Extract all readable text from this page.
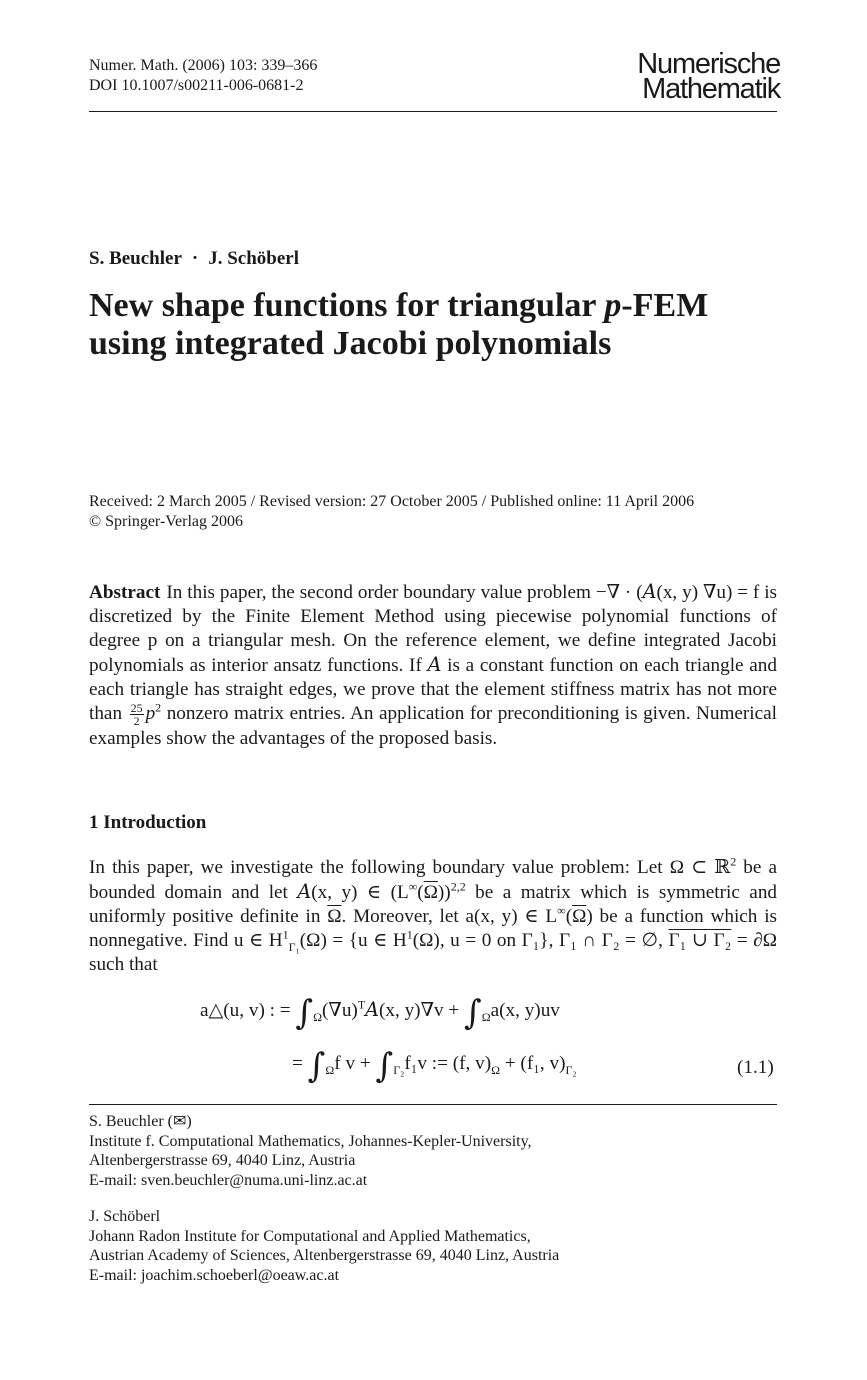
Numer. Math. (2006) 103: 339–366
DOI 10.1007/s00211-006-0681-2
Numerische
Mathematik
S. Beuchler · J. Schöberl
New shape functions for triangular p-FEM
using integrated Jacobi polynomials
Received: 2 March 2005 / Revised version: 27 October 2005 / Published online: 11 April 2006
© Springer-Verlag 2006
Abstract In this paper, the second order boundary value problem −∇ · (A(x, y) ∇u) = f is discretized by the Finite Element Method using piecewise polynomial functions of degree p on a triangular mesh. On the reference element, we define integrated Jacobi polynomials as interior ansatz functions. If A is a constant function on each triangle and each triangle has straight edges, we prove that the element stiffness matrix has not more than $\frac{25}{2} p^2$ nonzero matrix entries. An application for preconditioning is given. Numerical examples show the advantages of the proposed basis.
1 Introduction
In this paper, we investigate the following boundary value problem: Let Ω ⊂ ℝ$^2$ be a bounded domain and let A(x, y) ∈ $(L^\infty(\overline{\Omega}))^{2,2}$ be a matrix which is symmetric and uniformly positive definite in $\overline{\Omega}$. Moreover, let a(x, y) ∈ $L^\infty(\overline{\Omega})$ be a function which is nonnegative. Find u ∈ $H^1_{\Gamma_1}(\Omega) = \{u$ ∈ $H^1(\Omega)$, u = 0 on Γ₁}, Γ₁ ∩ Γ₂ = ∅, Γ₁ ∪ Γ₂ = ∂Ω such that
a△(u, v) : = $\int_\Omega(\nabla u)^TA(x$, $y)\nabla v + \int_\Omega a(x$, y)uv
= $\int_\Omega f$ $v + \int_{\Gamma_2}f_1v$ := (f, $v)_\Omega + (f_1$, $v)_{\Gamma_2}$	(1.1)
S. Beuchler (✉)
Institute f. Computational Mathematics, Johannes-Kepler-University,
Altenbergerstrasse 69, 4040 Linz, Austria
E-mail: sven.beuchler@numa.uni-linz.ac.at
J. Schöberl
Johann Radon Institute for Computational and Applied Mathematics,
Austrian Academy of Sciences, Altenbergerstrasse 69, 4040 Linz, Austria
E-mail: joachim.schoeberl@oeaw.ac.at
